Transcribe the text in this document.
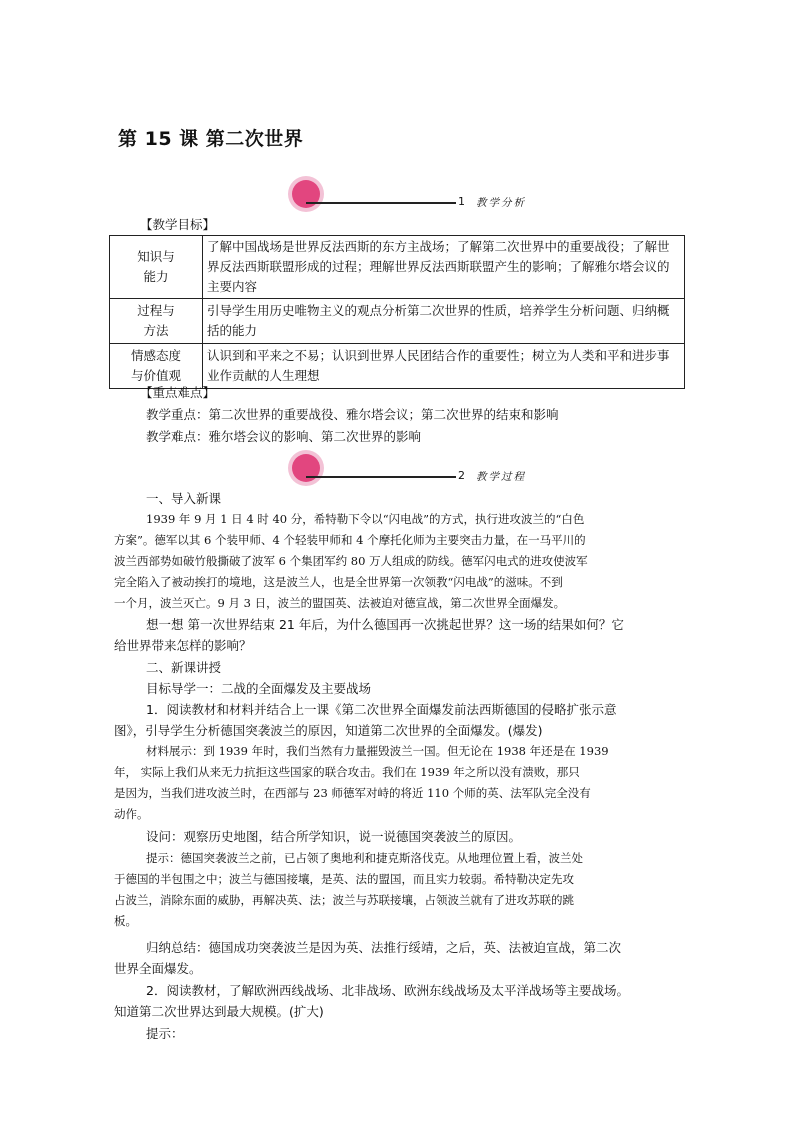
第 15 课 第二次世界
1 教学分析
【教学目标】
知识与
能力	了解中国战场是世界反法西斯的东方主战场；了解第二次世界中的重要战役；了解世界反法西斯联盟形成的过程；理解世界反法西斯联盟产生的影响；了解雅尔塔会议的主要内容

过程与
方法	引导学生用历史唯物主义的观点分析第二次世界的性质，培养学生分析问题、归纳概括的能力

情感态度
与价值观	认识到和平来之不易；认识到世界人民团结合作的重要性；树立为人类和平和进步事业作贡献的人生理想
【重点难点】
教学重点：第二次世界的重要战役、雅尔塔会议；第二次世界的结束和影响
教学难点：雅尔塔会议的影响、第二次世界的影响
2 教学过程
一、导入新课
1939 年 9 月 1 日 4 时 40 分，希特勒下令以“闪电战”的方式，执行进攻波兰的“白色
方案”。德军以其 6 个装甲师、4 个轻装甲师和 4 个摩托化师为主要突击力量，在一马平川的
波兰西部势如破竹般撕破了波军 6 个集团军约 80 万人组成的防线。德军闪电式的进攻使波军
完全陷入了被动挨打的境地，这是波兰人，也是全世界第一次领教“闪电战”的滋味。不到
一个月，波兰灭亡。9 月 3 日，波兰的盟国英、法被迫对德宣战，第二次世界全面爆发。
想一想 第一次世界结束 21 年后，为什么德国再一次挑起世界？这一场的结果如何？它
给世界带来怎样的影响？
二、新课讲授
目标导学一：二战的全面爆发及主要战场
1．阅读教材和材料并结合上一课《第二次世界全面爆发前法西斯德国的侵略扩张示意
图》，引导学生分析德国突袭波兰的原因，知道第二次世界的全面爆发。(爆发)
材料展示：到 1939 年时，我们当然有力量摧毁波兰一国。但无论在 1938 年还是在 1939
年， 实际上我们从来无力抗拒这些国家的联合攻击。我们在 1939 年之所以没有溃败，那只
是因为，当我们进攻波兰时，在西部与 23 师德军对峙的将近 110 个师的英、法军队完全没有
动作。
设问：观察历史地图，结合所学知识，说一说德国突袭波兰的原因。
提示：德国突袭波兰之前，已占领了奥地利和捷克斯洛伐克。从地理位置上看，波兰处
于德国的半包围之中；波兰与德国接壤，是英、法的盟国，而且实力较弱。希特勒决定先攻
占波兰，消除东面的威胁，再解决英、法；波兰与苏联接壤，占领波兰就有了进攻苏联的跳
板。
归纳总结：德国成功突袭波兰是因为英、法推行绥靖，之后，英、法被迫宣战，第二次
世界全面爆发。
2．阅读教材，了解欧洲西线战场、北非战场、欧洲东线战场及太平洋战场等主要战场。
知道第二次世界达到最大规模。(扩大)
提示：
